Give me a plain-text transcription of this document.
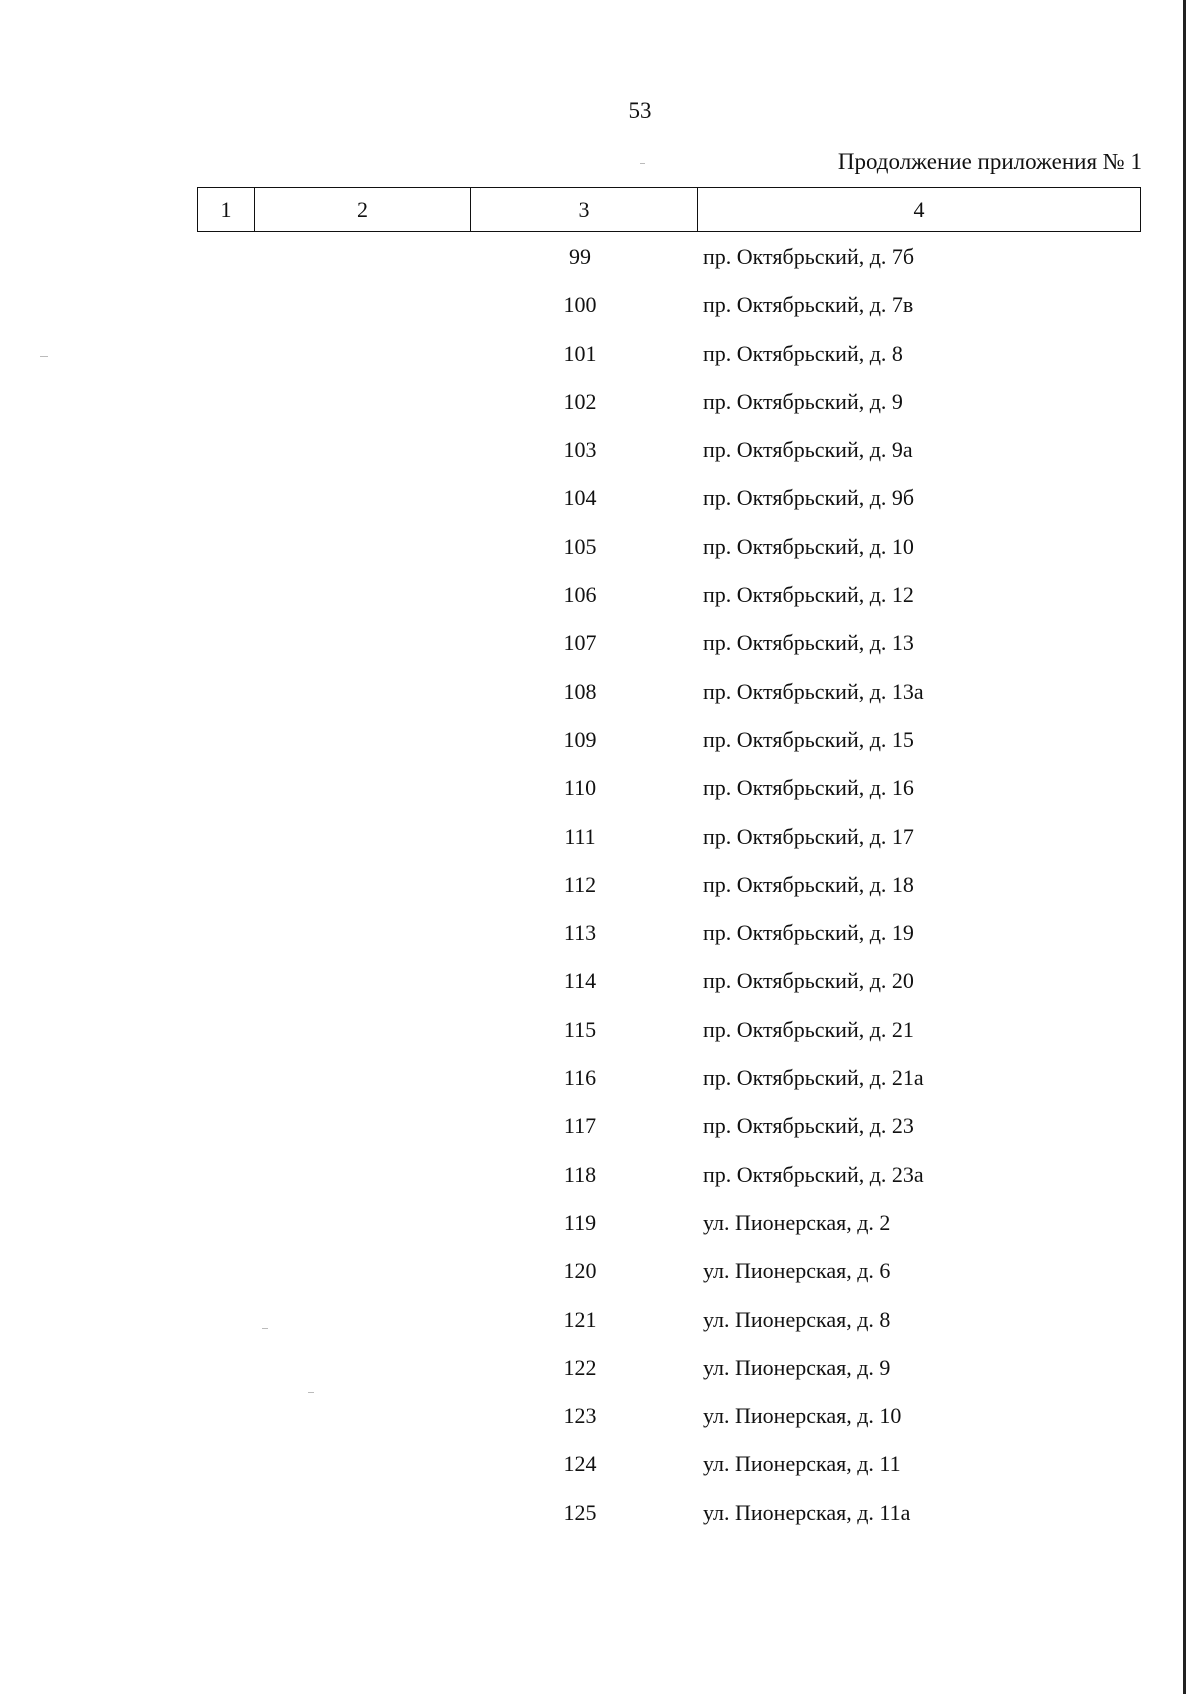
53
Продолжение приложения № 1
1	2	3	4
99	пр. Октябрьский, д. 7б
100	пр. Октябрьский, д. 7в
101	пр. Октябрьский, д. 8
102	пр. Октябрьский, д. 9
103	пр. Октябрьский, д. 9а
104	пр. Октябрьский, д. 9б
105	пр. Октябрьский, д. 10
106	пр. Октябрьский, д. 12
107	пр. Октябрьский, д. 13
108	пр. Октябрьский, д. 13а
109	пр. Октябрьский, д. 15
110	пр. Октябрьский, д. 16
111	пр. Октябрьский, д. 17
112	пр. Октябрьский, д. 18
113	пр. Октябрьский, д. 19
114	пр. Октябрьский, д. 20
115	пр. Октябрьский, д. 21
116	пр. Октябрьский, д. 21а
117	пр. Октябрьский, д. 23
118	пр. Октябрьский, д. 23а
119	ул. Пионерская, д. 2
120	ул. Пионерская, д. 6
121	ул. Пионерская, д. 8
122	ул. Пионерская, д. 9
123	ул. Пионерская, д. 10
124	ул. Пионерская, д. 11
125	ул. Пионерская, д. 11а
